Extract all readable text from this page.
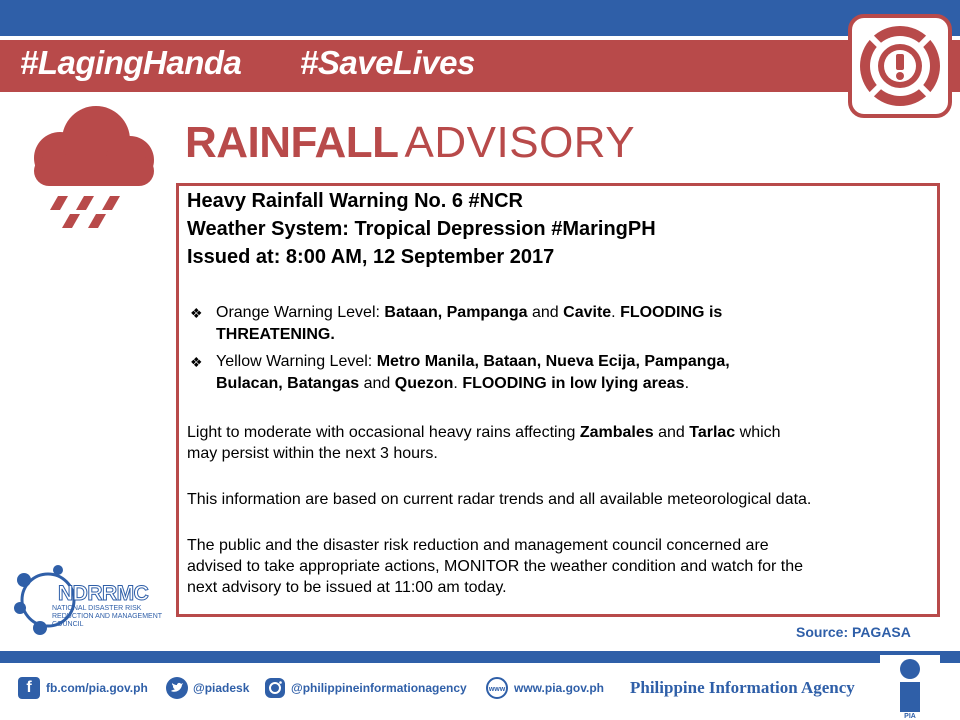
#LagingHanda #SaveLives
RAINFALL ADVISORY
Heavy Rainfall Warning No. 6 #NCR
Weather System: Tropical Depression #MaringPH
Issued at: 8:00 AM, 12 September 2017
❖ Orange Warning Level: Bataan, Pampanga and Cavite. FLOODING is
THREATENING.
❖ Yellow Warning Level: Metro Manila, Bataan, Nueva Ecija, Pampanga,
Bulacan, Batangas and Quezon. FLOODING in low lying areas.
Light to moderate with occasional heavy rains affecting Zambales and Tarlac which
may persist within the next 3 hours.
This information are based on current radar trends and all available meteorological data.
The public and the disaster risk reduction and management council concerned are
advised to take appropriate actions, MONITOR the weather condition and watch for the
next advisory to be issued at 11:00 am today.
NDRRMC
NATIONAL DISASTER RISK REDUCTION AND MANAGEMENT COUNCIL	Source: PAGASA
f	fb.com/pia.gov.ph	@piadesk	@philippineinformationagency	www www.pia.gov.ph Philippine Information Agency
PIA
